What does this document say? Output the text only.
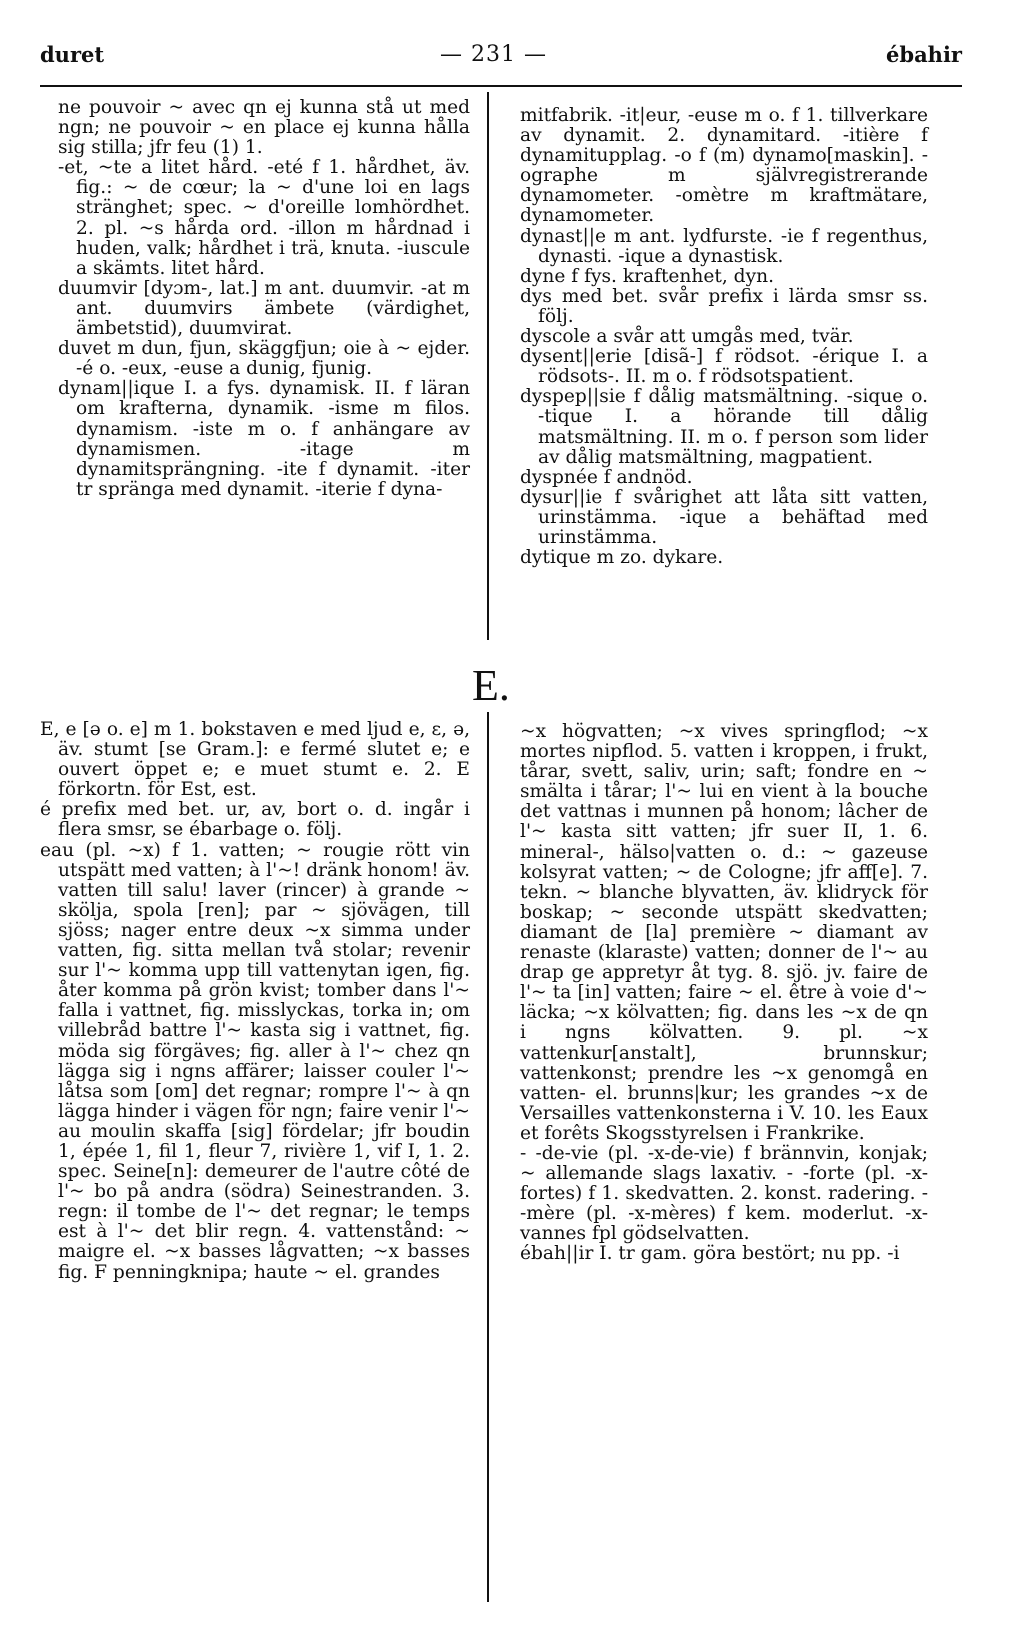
duret	— 231 —	ébahir

ne pouvoir ~ avec qn ej kunna stå ut med ngn; ne pouvoir ~ en place ej kunna hålla sig stilla; jfr feu (1) 1.

-et, ~te a litet hård. -eté f 1. hårdhet, äv. fig.: ~ de cœur; la ~ d'une loi en lags stränghet; spec. ~ d'oreille lomhördhet. 2. pl. ~s hårda ord. -illon m hårdnad i huden, valk; hårdhet i trä, knuta. -iuscule a skämts. litet hård.

duumvir [dyɔm-, lat.] m ant. duumvir. -at m ant. duumvirs ämbete (värdighet, ämbetstid), duumvirat.

duvet m dun, fjun, skäggfjun; oie à ~ ejder. -é o. -eux, -euse a dunig, fjunig.

dynam||ique I. a fys. dynamisk. II. f läran om krafterna, dynamik. -isme m filos. dynamism. -iste m o. f anhängare av dynamismen. -itage m dynamitsprängning. -ite f dynamit. -iter tr spränga med dynamit. -iterie f dyna-

mitfabrik. -it|eur, -euse m o. f 1. tillverkare av dynamit. 2. dynamitard. -itière f dynamitupplag. -o f (m) dynamo[maskin]. -ographe m självregistrerande dynamometer. -omètre m kraftmätare, dynamometer.

dynast||e m ant. lydfurste. -ie f regenthus, dynasti. -ique a dynastisk.

dyne f fys. kraftenhet, dyn.

dys med bet. svår prefix i lärda smsr ss. följ.

dyscole a svår att umgås med, tvär.

dysent||erie [disã-] f rödsot. -érique I. a rödsots-. II. m o. f rödsotspatient.

dyspep||sie f dålig matsmältning. -sique o. -tique I. a hörande till dålig matsmältning. II. m o. f person som lider av dålig matsmältning, magpatient.

dyspnée f andnöd.

dysur||ie f svårighet att låta sitt vatten, urinstämma. -ique a behäftad med urinstämma.

dytique m zo. dykare.

E.

E, e [ə o. e] m 1. bokstaven e med ljud e, ɛ, ə, äv. stumt [se Gram.]: e fermé slutet e; e ouvert öppet e; e muet stumt e. 2. E förkortn. för Est, est.

é prefix med bet. ur, av, bort o. d. ingår i flera smsr, se ébarbage o. följ.

eau (pl. ~x) f 1. vatten; ~ rougie rött vin utspätt med vatten; à l'~! dränk honom! äv. vatten till salu! laver (rincer) à grande ~ skölja, spola [ren]; par ~ sjövägen, till sjöss; nager entre deux ~x simma under vatten, fig. sitta mellan två stolar; revenir sur l'~ komma upp till vattenytan igen, fig. åter komma på grön kvist; tomber dans l'~ falla i vattnet, fig. misslyckas, torka in; om villebråd battre l'~ kasta sig i vattnet, fig. möda sig förgäves; fig. aller à l'~ chez qn lägga sig i ngns affärer; laisser couler l'~ låtsa som [om] det regnar; rompre l'~ à qn lägga hinder i vägen för ngn; faire venir l'~ au moulin skaffa [sig] fördelar; jfr boudin 1, épée 1, fil 1, fleur 7, rivière 1, vif I, 1. 2. spec. Seine[n]: demeurer de l'autre côté de l'~ bo på andra (södra) Seinestranden. 3. regn: il tombe de l'~ det regnar; le temps est à l'~ det blir regn. 4. vattenstånd: ~ maigre el. ~x basses lågvatten; ~x basses fig. F penningknipa; haute ~ el. grandes

~x högvatten; ~x vives springflod; ~x mortes nipflod. 5. vatten i kroppen, i frukt, tårar, svett, saliv, urin; saft; fondre en ~ smälta i tårar; l'~ lui en vient à la bouche det vattnas i munnen på honom; lâcher de l'~ kasta sitt vatten; jfr suer II, 1. 6. mineral-, hälso|vatten o. d.: ~ gazeuse kolsyrat vatten; ~ de Cologne; jfr aff[e]. 7. tekn. ~ blanche blyvatten, äv. klidryck för boskap; ~ seconde utspätt skedvatten; diamant de [la] première ~ diamant av renaste (klaraste) vatten; donner de l'~ au drap ge appretyr åt tyg. 8. sjö. jv. faire de l'~ ta [in] vatten; faire ~ el. être à voie d'~ läcka; ~x kölvatten; fig. dans les ~x de qn i ngns kölvatten. 9. pl. ~x vattenkur[anstalt], brunnskur; vattenkonst; prendre les ~x genomgå en vatten- el. brunns|kur; les grandes ~x de Versailles vattenkonsterna i V. 10. les Eaux et forêts Skogsstyrelsen i Frankrike.

- -de-vie (pl. -x-de-vie) f brännvin, konjak; ~ allemande slags laxativ. - -forte (pl. -x-fortes) f 1. skedvatten. 2. konst. radering. - -mère (pl. -x-mères) f kem. moderlut. -x-vannes fpl gödselvatten.

ébah||ir I. tr gam. göra bestört; nu pp. -i
